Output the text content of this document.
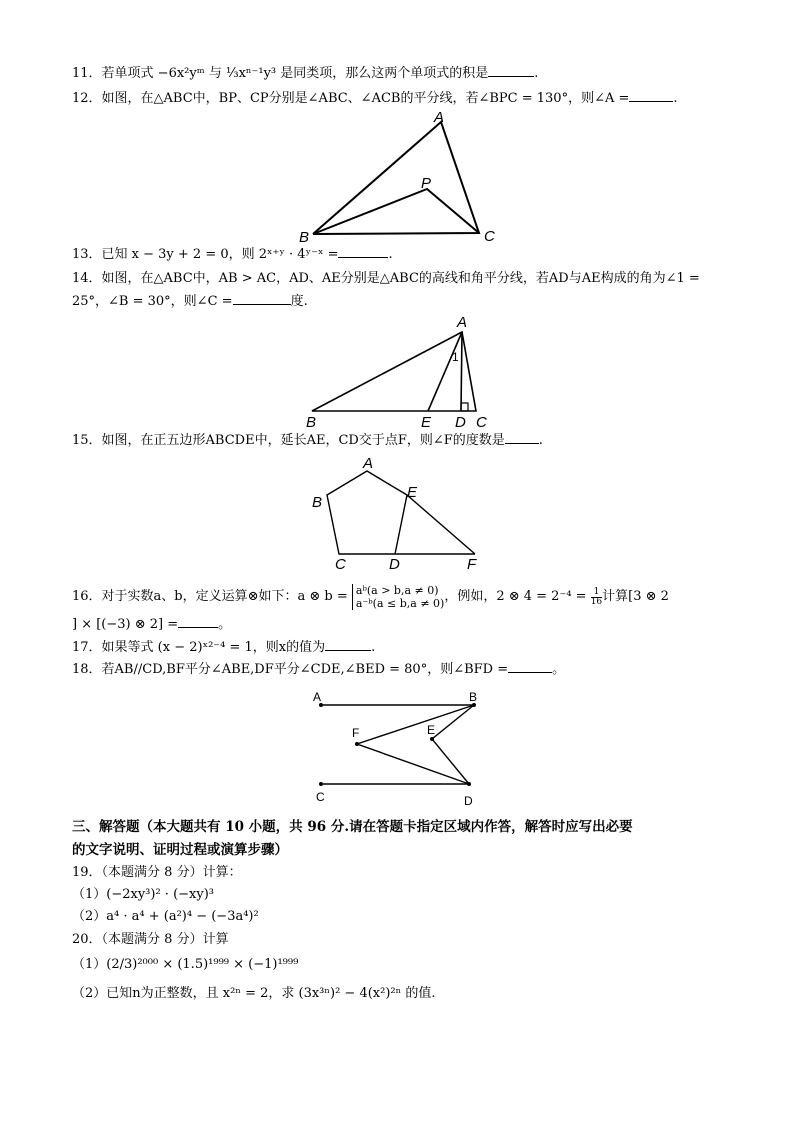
11．若单项式 −6x²yᵐ 与 ⅓xⁿ⁻¹y³ 是同类项，那么这两个单项式的积是	.
12．如图，在△ABC中，BP、CP分别是∠ABC、∠ACB的平分线，若∠BPC = 130°，则∠A =	.
A
P
B	C
13．已知 x − 3y + 2 = 0，则 2ˣ⁺ʸ · 4ʸ⁻ˣ =	.
14．如图，在△ABC中，AB > AC，AD、AE分别是△ABC的高线和角平分线，若AD与AE构成的角为∠1 =
25°，∠B = 30°，则∠C =	度.
A
1
B	E D C
15．如图，在正五边形ABCDE中，延长AE，CD交于点F，则∠F的度数是	.
A
B
E
C	D	F
16．对于实数a、b，定义运算⊗如下：a ⊗ b = aᵇ(a > b,a ≠ 0)
a⁻ᵇ(a ≤ b,a ≠ 0) ，例如，2 ⊗ $4 = 2^{-4} = \frac{1}{16}$ 计算[3 ⊗ 2
] × [(−3) ⊗ 2] =	。
17．如果等式 (x − 2)ˣ²⁻⁴ = 1，则x的值为	.
18．若AB//CD,BF平分∠ABE,DF平分∠CDE,∠BED = 80°，则∠BFD =	。
A	B
F	E
C	D
三、解答题（本大题共有 10 小题，共 96 分.请在答题卡指定区域内作答，解答时应写出必要
的文字说明、证明过程或演算步骤）
19．（本题满分 8 分）计算：
（1）(−2xy³)² · (−xy)³
（2）a⁴ · a⁴ + (a²)⁴ − (−3a⁴)²
20．（本题满分 8 分）计算
（1）(2/3)²⁰⁰⁰ × (1.5)¹⁹⁹⁹ × (−1)¹⁹⁹⁹
（2）已知n为正整数，且 x²ⁿ = 2，求 (3x³ⁿ)² − 4(x²)²ⁿ 的值.
